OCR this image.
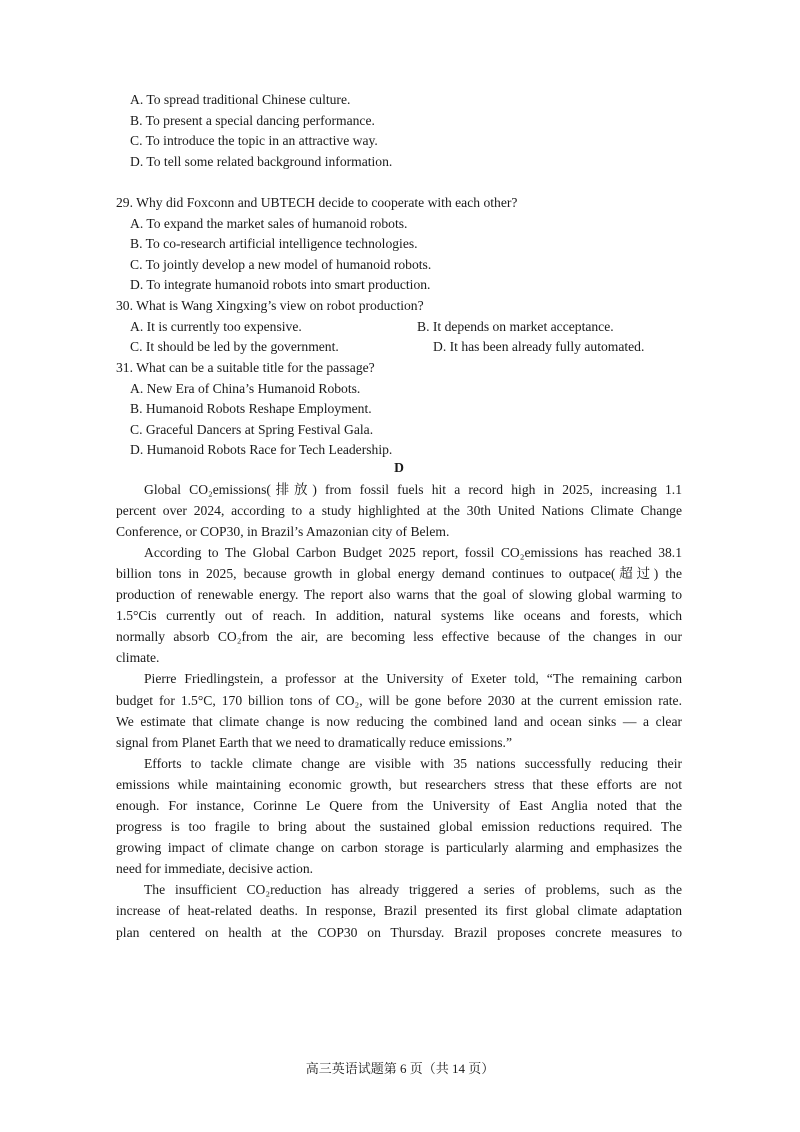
A. To spread traditional Chinese culture.
B. To present a special dancing performance.
C. To introduce the topic in an attractive way.
D. To tell some related background information.
29. Why did Foxconn and UBTECH decide to cooperate with each other?
A. To expand the market sales of humanoid robots.
B. To co-research artificial intelligence technologies.
C. To jointly develop a new model of humanoid robots.
D. To integrate humanoid robots into smart production.
30. What is Wang Xingxing’s view on robot production?
A. It is currently too expensive.	B. It depends on market acceptance.
C. It should be led by the government.	D. It has been already fully automated.
31. What can be a suitable title for the passage?
A. New Era of China’s Humanoid Robots.
B. Humanoid Robots Reshape Employment.
C. Graceful Dancers at Spring Festival Gala.
D. Humanoid Robots Race for Tech Leadership.
D
Global CO₂emissions(排放) from fossil fuels hit a record high in 2025, increasing 1.1
percent over 2024, according to a study highlighted at the 30th United Nations Climate Change
Conference, or COP30, in Brazil’s Amazonian city of Belem.
According to The Global Carbon Budget 2025 report, fossil CO₂emissions has reached 38.1
billion tons in 2025, because growth in global energy demand continues to outpace(超过) the
production of renewable energy. The report also warns that the goal of slowing global warming to
1.5°Cis currently out of reach. In addition, natural systems like oceans and forests, which
normally absorb CO₂from the air, are becoming less effective because of the changes in our
climate.
Pierre Friedlingstein, a professor at the University of Exeter told, “The remaining carbon
budget for 1.5°C, 170 billion tons of CO₂, will be gone before 2030 at the current emission rate.
We estimate that climate change is now reducing the combined land and ocean sinks — a clear
signal from Planet Earth that we need to dramatically reduce emissions.”
Efforts to tackle climate change are visible with 35 nations successfully reducing their
emissions while maintaining economic growth, but researchers stress that these efforts are not
enough. For instance, Corinne Le Quere from the University of East Anglia noted that the
progress is too fragile to bring about the sustained global emission reductions required. The
growing impact of climate change on carbon storage is particularly alarming and emphasizes the
need for immediate, decisive action.
The insufficient CO₂reduction has already triggered a series of problems, such as the
increase of heat-related deaths. In response, Brazil presented its first global climate adaptation
plan centered on health at the COP30 on Thursday. Brazil proposes concrete measures to
高三英语试题第 6 页（共 14 页）
